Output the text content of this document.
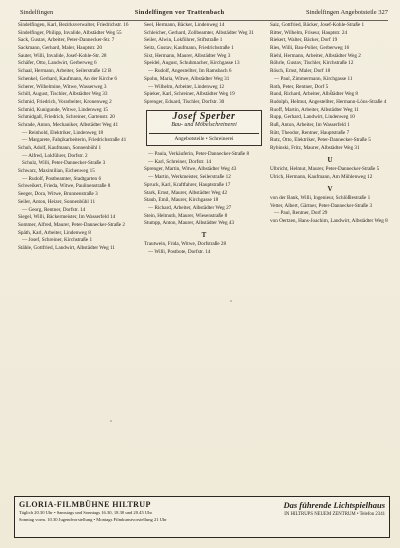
Sindelfingen	Sindelfingen vor Trattenbach	Sindelfingen Angebotsteile 327

Sindelfingen, Karl, Bezirksverwalter, Friedrichstr. 16

Sindelfinger, Philipp, Invalide, Albstädter Weg 55

Sack, Gustav, Arbeiter, Peter-Dannecker-Str. 7

Sackmann, Gerhard, Maler, Hauptstr. 20

Sauter, Willi, Invalide, Josef-Kohle-Str. 28

Schäfer, Otto, Landwirt, Gerberweg 6

Schaal, Hermann, Arbeiter, Seilerstraße 12 B

Schenkel, Gerhard, Kaufmann, An der Kirche 6

Scherer, Wilhelmine, Witwe, Wasserweg 3

Schill, August, Tischler, Albstädter Weg 33

Schmid, Friedrich, Vorarbeiter, Kronenweg 2

Schmid, Kunigunde, Witwe, Lindenweg 15

Schmidgall, Friedrich, Schreiner, Gartenstr. 20

Schrade, Anton, Mechaniker, Albstädter Weg 41

— Reinhold, Elektriker, Lindenweg 18

— Margarete, Fabrikarbeiterin, Friedrichstraße 41

Schuh, Adolf, Kaufmann, Sonnenbühl 1

— Alfred, Lokführer, Dorfstr. 2

Schulz, Willi, Peter-Dannecker-Straße 3

Schwarz, Maximilian, Eichenweg 15

— Rudolf, Postbeamter, Stadtgarten 6

Schweikert, Frieda, Witwe, Paulinenstraße 8

Seeger, Dora, Witwe, Brunnenstraße 3

Seiler, Anton, Heizer, Sonnenbühl 11

— Georg, Rentner, Dorfstr. 14

Siegel, Willi, Bäckermeister, Im Wasserfeld 14

Sommer, Alfred, Maurer, Peter-Dannecker-Straße 2

Späth, Karl, Arbeiter, Lindenweg 8

— Josef, Schreiner, Kirchstraße 1

Stähle, Gottfried, Landwirt, Albstädter Weg 11

Seel, Hermann, Bäcker, Lindenweg 14

Schleicher, Gerhard, Zollbeamter, Albstädter Weg 31

Seiler, Alwin, Lokführer, Stiftstraße 1

Seitz, Gustav, Kaufmann, Friedrichstraße 1

Sixt, Hermann, Maurer, Albstädter Weg 3

Speidel, August, Schuhmacher, Kirchgasse 13

— Rudolf, Angestellter, Im Ramsbach 6

Spohn, Maria, Witwe, Albstädter Weg 31

— Wilhelm, Arbeiter, Lindenweg 12

Spieker, Karl, Schreiner, Albstädter Weg 19

Sprenger, Eduard, Tischler, Dorfstr. 30

Josef Sperber
Bau- und Möbelschreinerei
Angebotsteile • Schreinerei

— Paula, Verkäuferin, Peter-Dannecker-Straße 8

— Karl, Schreiner, Dorfstr. 14

Sprenger, Martin, Witwe, Albstädter Weg 43

— Martin, Werkmeister, Seilerstraße 12

Spruck, Karl, Kraftfahrer, Hauptstraße 17

Stark, Ernst, Maurer, Albstädter Weg 42

Staub, Emil, Maurer, Kirchgasse 18

— Richard, Arbeiter, Albstädter Weg 27

Stein, Helmuth, Maurer, Wiesenstraße 8

Stumpp, Anton, Maurer, Albstädter Weg 43

T

Trautwein, Frida, Witwe, Dorfstraße 28

— Willi, Postbote, Dorfstr. 14

Saiz, Gottfried, Bäcker, Josef-Kohle-Straße 1

Ritter, Wilhelm, Friseur, Hauptstr. 24

Riekert, Walter, Bäcker, Dorf 19

Ries, Willi, Bau-Polier, Gerberweg 16

Riehl, Hermann, Arbeiter, Albstädter Weg 2

Röhrle, Gustav, Tischler, Kirchstraße 12

Rösch, Ernst, Maler, Dorf 18

— Paul, Zimmermann, Kirchgasse 11

Roth, Peter, Rentner, Dorf 5

Rund, Richard, Arbeiter, Albstädter Weg 8

Rudolph, Helmut, Angestellter, Hermann-Löns-Straße 4

Ruoff, Martin, Arbeiter, Albstädter Weg 11

Rupp, Gerhard, Landwirt, Lindenweg 10

Ruß, Anton, Arbeiter, Im Wasserfeld 1

Rütt, Theodor, Rentner, Hauptstraße 7

Rutz, Otto, Elektriker, Peter-Dannecker-Straße 5

Rybinski, Fritz, Maurer, Albstädter Weg 31

U

Ulbricht, Helmut, Maurer, Peter-Dannecker-Straße 5

Ulrich, Hermann, Kaufmann, Am Mühlenweg 12

V

von der Bank, Willi, Ingenieur, Schlößlestraße 1

Vetter, Albert, Gärtner, Peter-Dannecker-Straße 3

— Paul, Rentner, Dorf 29

von Oertzen, Hans-Joachim, Landwirt, Albstädter Weg 8

GLORIA-FILMBÜHNE HILTRUP
Täglich 20.30 Uhr • Samstags und Sonntags 16.30, 18.30 und 20.45 Uhr
Sonntag vorm. 10.30 Jugendvorstellung • Montags Filmkunstvorstellung 21 Uhr
Das führende Lichtspielhaus
IN HILTRUPS NEUEM ZENTRUM • Telefon 2341
